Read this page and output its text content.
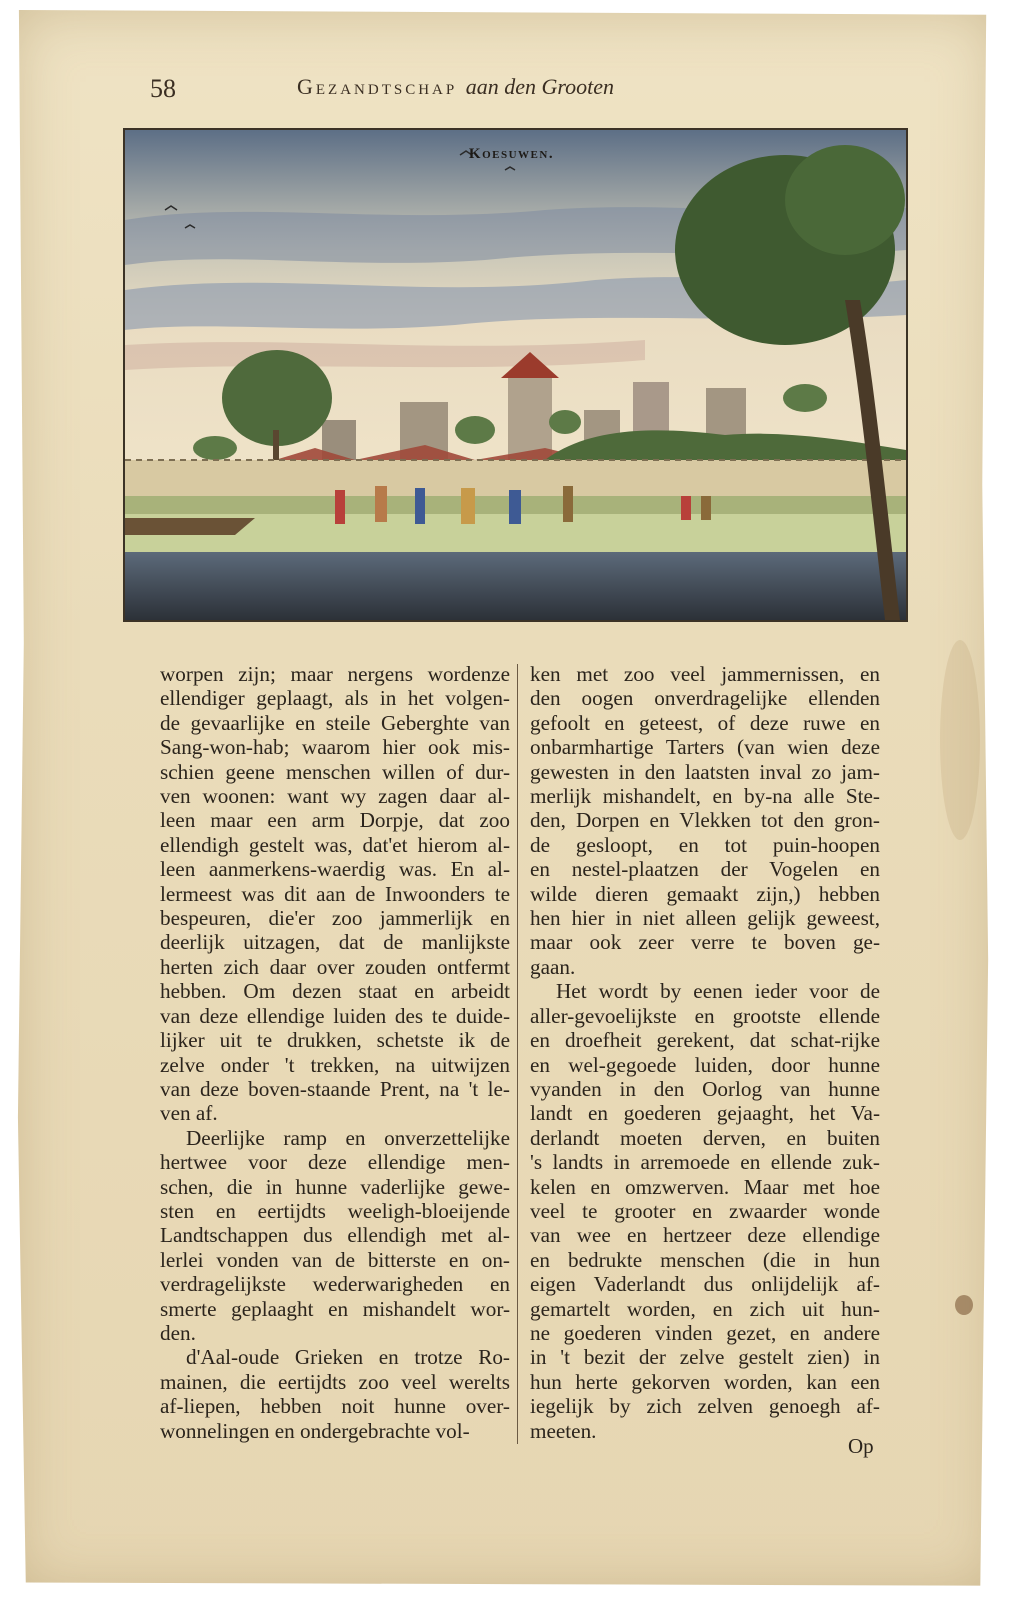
58	Gezandtschap aan den Grooten
Koesuwen.
worpen zijn; maar nergens wordenze
ellendiger geplaagt, als in het volgen-
de gevaarlijke en steile Geberghte van
Sang-won-hab; waarom hier ook mis-
schien geene menschen willen of dur-
ven woonen: want wy zagen daar al-
leen maar een arm Dorpje, dat zoo
ellendigh gestelt was, dat'et hierom al-
leen aanmerkens-waerdig was. En al-
lermeest was dit aan de Inwoonders te
bespeuren, die'er zoo jammerlijk en
deerlijk uitzagen, dat de manlijkste
herten zich daar over zouden ontfermt
hebben. Om dezen staat en arbeidt
van deze ellendige luiden des te duide-
lijker uit te drukken, schetste ik de
zelve onder 't trekken, na uitwijzen
van deze boven-staande Prent, na 't le-
ven af.
Deerlijke ramp en onverzettelijke
hertwee voor deze ellendige men-
schen, die in hunne vaderlijke gewe-
sten en eertijdts weeligh-bloeijende
Landtschappen dus ellendigh met al-
lerlei vonden van de bitterste en on-
verdragelijkste wederwarigheden en
smerte geplaaght en mishandelt wor-
den.
d'Aal-oude Grieken en trotze Ro-
mainen, die eertijdts zoo veel werelts
af-liepen, hebben noit hunne over-
wonnelingen en ondergebrachte vol-
ken met zoo veel jammernissen, en
den oogen onverdragelijke ellenden
gefoolt en geteest, of deze ruwe en
onbarmhartige Tarters (van wien deze
gewesten in den laatsten inval zo jam-
merlijk mishandelt, en by-na alle Ste-
den, Dorpen en Vlekken tot den gron-
de gesloopt, en tot puin-hoopen
en nestel-plaatzen der Vogelen en
wilde dieren gemaakt zijn,) hebben
hen hier in niet alleen gelijk geweest,
maar ook zeer verre te boven ge-
gaan.
Het wordt by eenen ieder voor de
aller-gevoelijkste en grootste ellende
en droefheit gerekent, dat schat-rijke
en wel-gegoede luiden, door hunne
vyanden in den Oorlog van hunne
landt en goederen gejaaght, het Va-
derlandt moeten derven, en buiten
's landts in arremoede en ellende zuk-
kelen en omzwerven. Maar met hoe
veel te grooter en zwaarder wonde
van wee en hertzeer deze ellendige
en bedrukte menschen (die in hun
eigen Vaderlandt dus onlijdelijk af-
gemartelt worden, en zich uit hun-
ne goederen vinden gezet, en andere
in 't bezit der zelve gestelt zien) in
hun herte gekorven worden, kan een
iegelijk by zich zelven genoegh af-
meeten.
Op
